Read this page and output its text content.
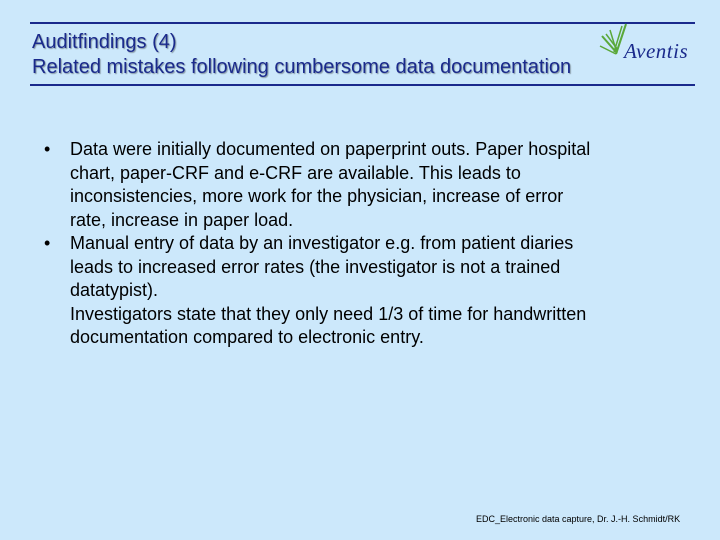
Auditfindings (4)
Related mistakes following cumbersome data documentation
Aventis
• Data were initially documented on paperprint outs. Paper hospital
chart, paper-CRF and e-CRF are available. This leads to
inconsistencies, more work for the physician, increase of error
rate, increase in paper load.
• Manual entry of data by an investigator e.g. from patient diaries
leads to increased error rates (the investigator is not a trained
datatypist).
Investigators state that they only need 1/3 of time for handwritten
documentation compared to electronic entry.
EDC_Electronic data capture, Dr. J.-H. Schmidt/RK
